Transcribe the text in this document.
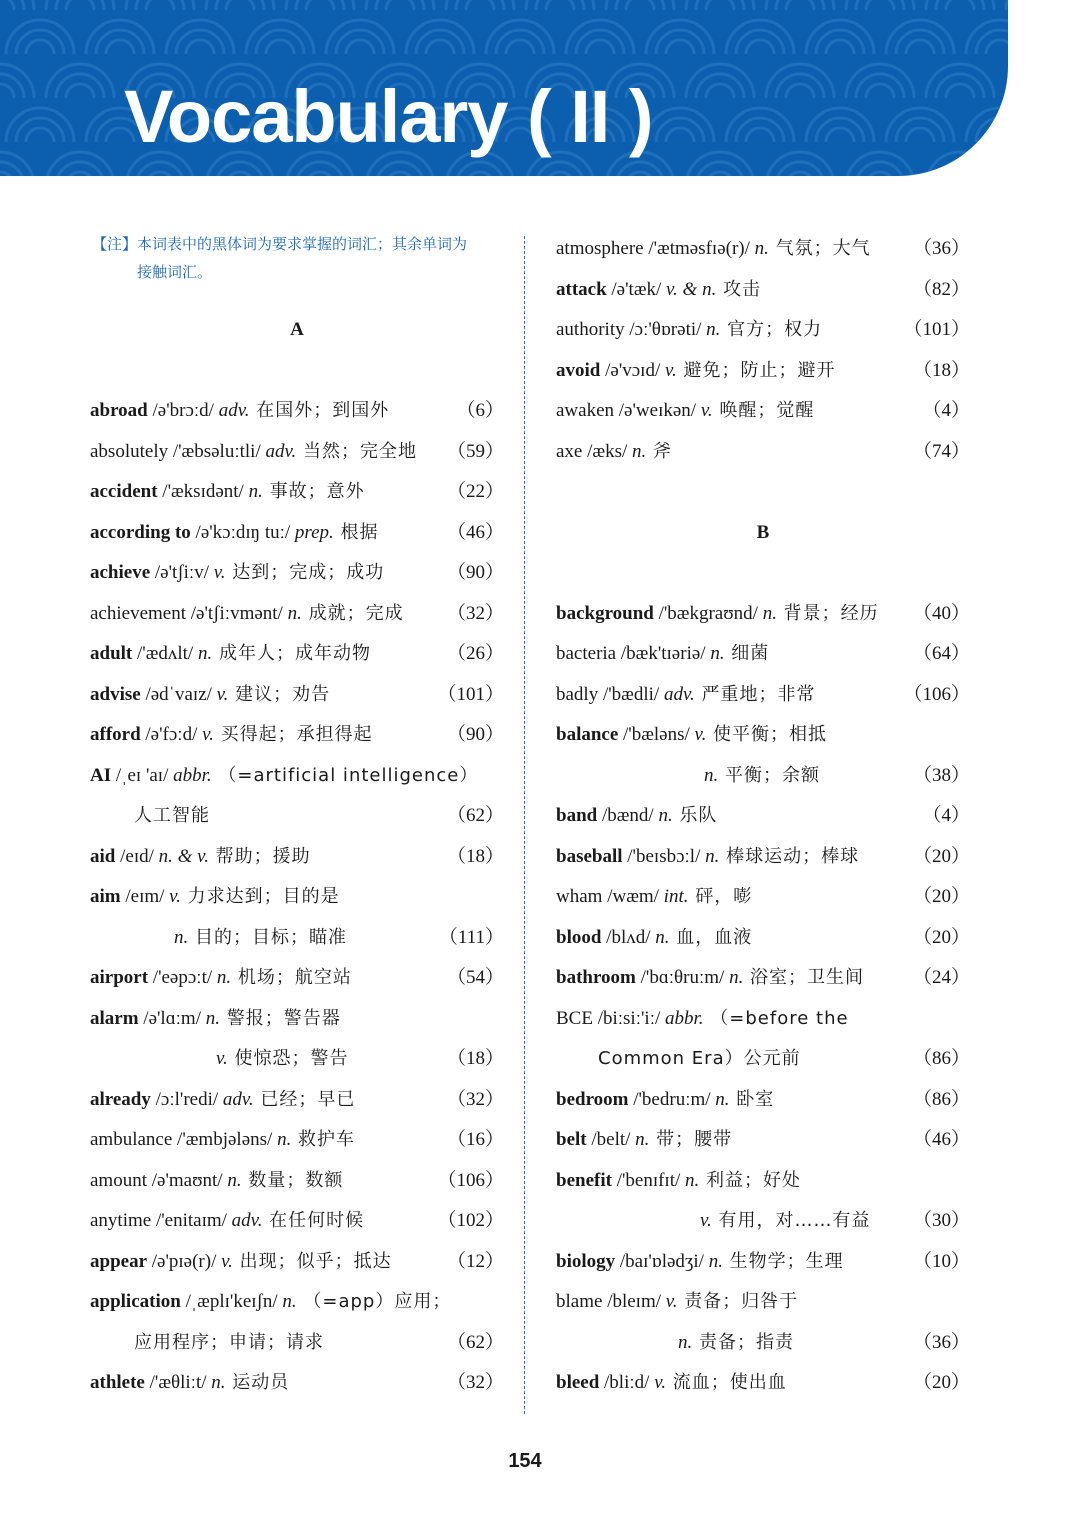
Vocabulary ( II )
【注】本词表中的黑体词为要求掌握的词汇；其余单词为
接触词汇。
A
abroad /ə'brɔːd/ adv. 在国外；到国外	（6）
absolutely /'æbsəluːtli/ adv. 当然；完全地 （59）
accident /'æksɪdənt/ n. 事故；意外	（22）
according to /ə'kɔːdɪŋ tuː/ prep. 根据	（46）
achieve /ə'tʃiːv/ v. 达到；完成；成功	（90）
achievement /ə'tʃiːvmənt/ n. 成就；完成 （32）
adult /'ædʌlt/ n. 成年人；成年动物	（26）
advise /ədˈvaɪz/ v. 建议；劝告	（101）
afford /ə'fɔːd/ v. 买得起；承担得起	（90）
AI /ˌeɪ 'aɪ/ abbr. （=artificial intelligence）
人工智能	（62）
aid /eɪd/ n. & v. 帮助；援助	（18）
aim /eɪm/ v. 力求达到；目的是
n. 目的；目标；瞄准	（111）
airport /'eəpɔːt/ n. 机场；航空站	（54）
alarm /ə'lɑːm/ n. 警报；警告器
v. 使惊恐；警告	（18）
already /ɔːl'redi/ adv. 已经；早已	（32）
ambulance /'æmbjələns/ n. 救护车	（16）
amount /ə'maʊnt/ n. 数量；数额	（106）
anytime /'enitaɪm/ adv. 在任何时候	（102）
appear /ə'pɪə(r)/ v. 出现；似乎；抵达	（12）
application /ˌæplɪ'keɪʃn/ n. （=app）应用；
应用程序；申请；请求	（62）
athlete /'æθliːt/ n. 运动员	（32）
atmosphere /'ætməsfɪə(r)/ n. 气氛；大气 （36）
attack /ə'tæk/ v. & n. 攻击	（82）
authority /ɔː'θɒrəti/ n. 官方；权力	（101）
avoid /ə'vɔɪd/ v. 避免；防止；避开	（18）
awaken /ə'weɪkən/ v. 唤醒；觉醒	（4）
axe /æks/ n. 斧	（74）
B
background /'bækgraʊnd/ n. 背景；经历 （40）
bacteria /bæk'tɪəriə/ n. 细菌	（64）
badly /'bædli/ adv. 严重地；非常	（106）
balance /'bæləns/ v. 使平衡；相抵
n. 平衡；余额	（38）
band /bænd/ n. 乐队	（4）
baseball /'beɪsbɔːl/ n. 棒球运动；棒球	（20）
wham /wæm/ int. 砰，嘭	（20）
blood /blʌd/ n. 血，血液	（20）
bathroom /'bɑːθruːm/ n. 浴室；卫生间	（24）
BCE /biːsiː'iː/ abbr. （=before the
Common Era）公元前	（86）
bedroom /'bedruːm/ n. 卧室	（86）
belt /belt/ n. 带；腰带	（46）
benefit /'benɪfɪt/ n. 利益；好处
v. 有用，对……有益 （30）
biology /baɪ'ɒlədʒi/ n. 生物学；生理	（10）
blame /bleɪm/ v. 责备；归咎于
n. 责备；指责	（36）
bleed /bliːd/ v. 流血；使出血	（20）
154
